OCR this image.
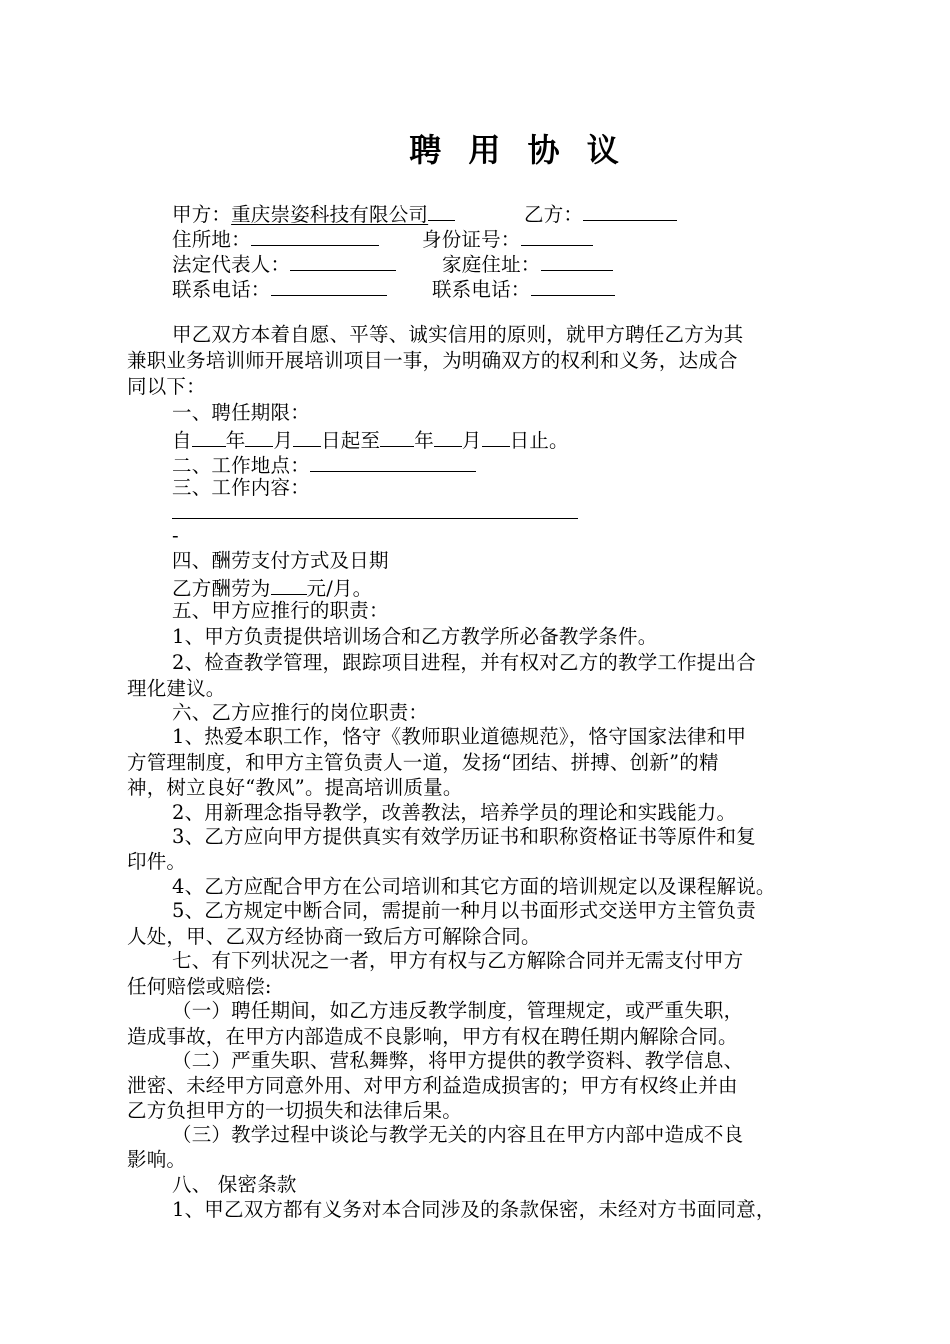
聘 用 协 议
甲方：重庆崇姿科技有限公司	乙方：
住所地：	身份证号：
法定代表人：	家庭住址：
联系电话：	联系电话：
甲乙双方本着自愿、平等、诚实信用的原则，就甲方聘任乙方为其
兼职业务培训师开展培训项目一事，为明确双方的权利和义务，达成合
同以下：
一、聘任期限：
自 年 月 日起至 年 月 日止。
二、工作地点：
三、工作内容：
-
四、酬劳支付方式及日期
乙方酬劳为 元/月。
五、甲方应推行的职责：
1、甲方负责提供培训场合和乙方教学所必备教学条件。
2、检查教学管理，跟踪项目进程，并有权对乙方的教学工作提出合
理化建议。
六、乙方应推行的岗位职责：
1、热爱本职工作，恪守《教师职业道德规范》，恪守国家法律和甲
方管理制度，和甲方主管负责人一道，发扬“团结、拼搏、创新”的精
神，树立良好“教风”。提高培训质量。
2、用新理念指导教学，改善教法，培养学员的理论和实践能力。
3、乙方应向甲方提供真实有效学历证书和职称资格证书等原件和复
印件。
4、乙方应配合甲方在公司培训和其它方面的培训规定以及课程解说。
5、乙方规定中断合同，需提前一种月以书面形式交送甲方主管负责
人处，甲、乙双方经协商一致后方可解除合同。
七、有下列状况之一者，甲方有权与乙方解除合同并无需支付甲方
任何赔偿或赔偿:
（一）聘任期间，如乙方违反教学制度，管理规定，或严重失职，
造成事故，在甲方内部造成不良影响，甲方有权在聘任期内解除合同。
（二）严重失职、营私舞弊，将甲方提供的教学资料、教学信息、
泄密、未经甲方同意外用、对甲方利益造成损害的；甲方有权终止并由
乙方负担甲方的一切损失和法律后果。
（三）教学过程中谈论与教学无关的内容且在甲方内部中造成不良
影响。
八、 保密条款
1、甲乙双方都有义务对本合同涉及的条款保密，未经对方书面同意，
